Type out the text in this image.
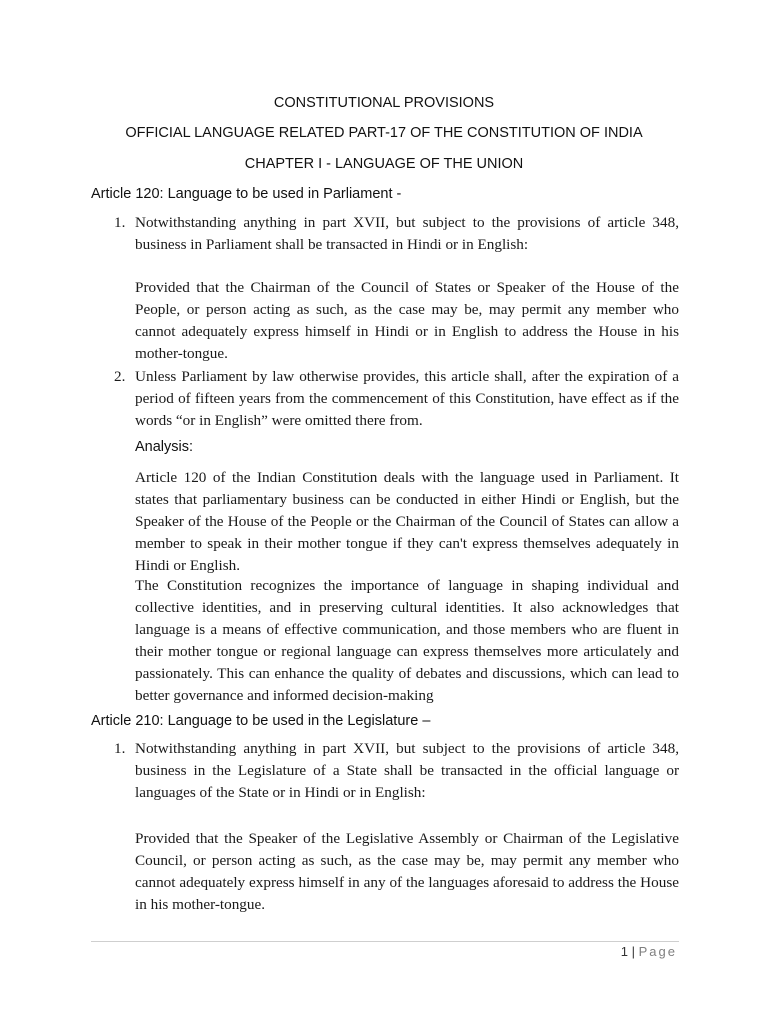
CONSTITUTIONAL PROVISIONS
OFFICIAL LANGUAGE RELATED PART-17 OF THE CONSTITUTION OF INDIA
CHAPTER I - LANGUAGE OF THE UNION
Article 120: Language to be used in Parliament -
1. Notwithstanding anything in part XVII, but subject to the provisions of article 348, business in Parliament shall be transacted in Hindi or in English:
Provided that the Chairman of the Council of States or Speaker of the House of the People, or person acting as such, as the case may be, may permit any member who cannot adequately express himself in Hindi or in English to address the House in his mother-tongue.
2. Unless Parliament by law otherwise provides, this article shall, after the expiration of a period of fifteen years from the commencement of this Constitution, have effect as if the words “or in English” were omitted there from.
Analysis:
Article 120 of the Indian Constitution deals with the language used in Parliament. It states that parliamentary business can be conducted in either Hindi or English, but the Speaker of the House of the People or the Chairman of the Council of States can allow a member to speak in their mother tongue if they can't express themselves adequately in Hindi or English.
The Constitution recognizes the importance of language in shaping individual and collective identities, and in preserving cultural identities. It also acknowledges that language is a means of effective communication, and those members who are fluent in their mother tongue or regional language can express themselves more articulately and passionately. This can enhance the quality of debates and discussions, which can lead to better governance and informed decision-making
Article 210: Language to be used in the Legislature –
1. Notwithstanding anything in part XVII, but subject to the provisions of article 348, business in the Legislature of a State shall be transacted in the official language or languages of the State or in Hindi or in English:
Provided that the Speaker of the Legislative Assembly or Chairman of the Legislative Council, or person acting as such, as the case may be, may permit any member who cannot adequately express himself in any of the languages aforesaid to address the House in his mother-tongue.
1 | Page
